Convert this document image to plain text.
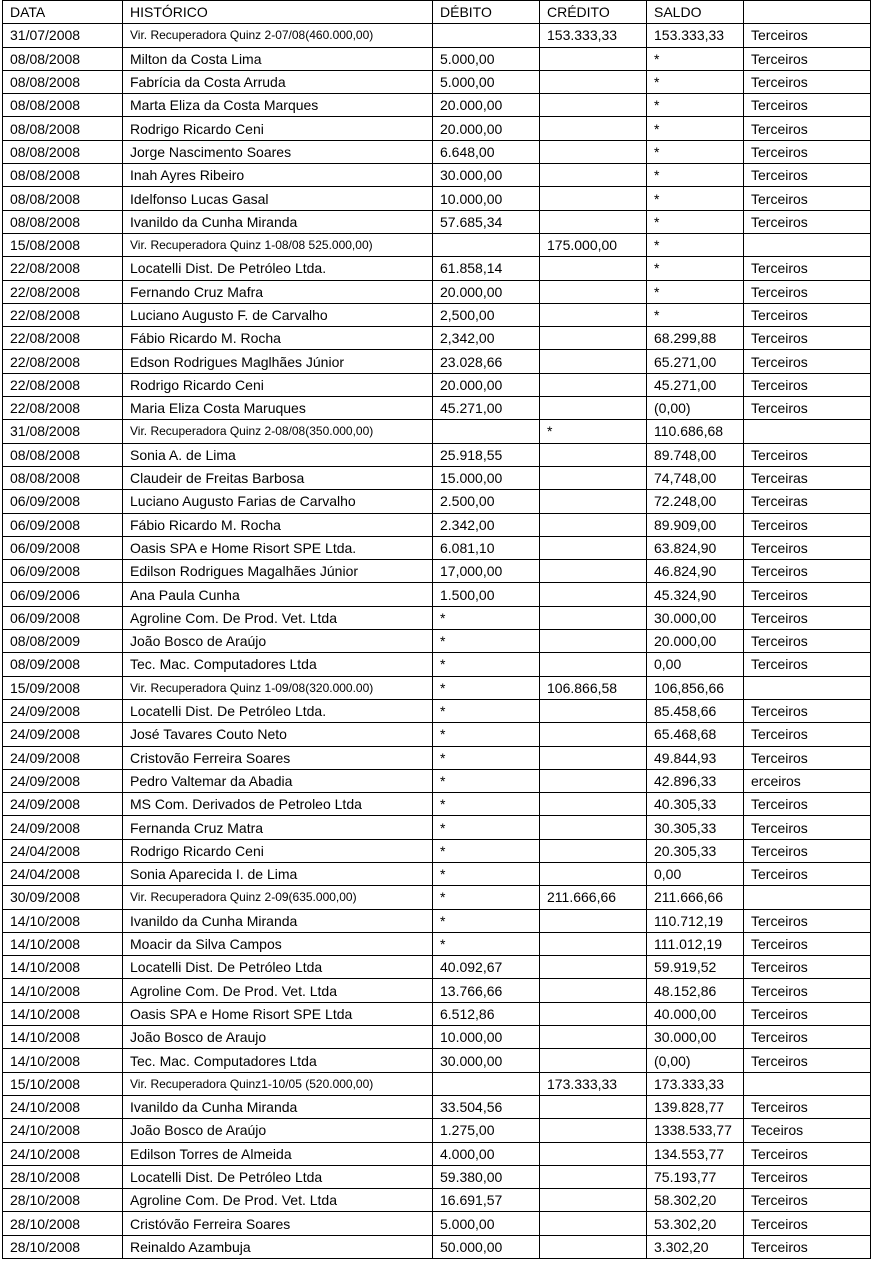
DATA	HISTÓRICO	DÉBITO	CRÉDITO	SALDO	
31/07/2008	Vir. Recuperadora Quinz 2-07/08(460.000,00)		153.333,33	153.333,33	Terceiros
08/08/2008	Milton da Costa Lima	5.000,00		*	Terceiros
08/08/2008	Fabrícia da Costa Arruda	5.000,00		*	Terceiros
08/08/2008	Marta Eliza da Costa Marques	20.000,00		*	Terceiros
08/08/2008	Rodrigo Ricardo Ceni	20.000,00		*	Terceiros
08/08/2008	Jorge Nascimento Soares	6.648,00		*	Terceiros
08/08/2008	Inah Ayres Ribeiro	30.000,00		*	Terceiros
08/08/2008	Idelfonso Lucas Gasal	10.000,00		*	Terceiros
08/08/2008	Ivanildo da Cunha Miranda	57.685,34		*	Terceiros
15/08/2008	Vir. Recuperadora Quinz 1-08/08 525.000,00)		175.000,00	*	
22/08/2008	Locatelli Dist. De Petróleo Ltda.	61.858,14		*	Terceiros
22/08/2008	Fernando Cruz Mafra	20.000,00		*	Terceiros
22/08/2008	Luciano Augusto F. de Carvalho	2,500,00		*	Terceiros
22/08/2008	Fábio Ricardo M. Rocha	2,342,00		68.299,88	Terceiros
22/08/2008	Edson Rodrigues Maglhães Júnior	23.028,66		65.271,00	Terceiros
22/08/2008	Rodrigo Ricardo Ceni	20.000,00		45.271,00	Terceiros
22/08/2008	Maria Eliza Costa Maruques	45.271,00		(0,00)	Terceiros
31/08/2008	Vir. Recuperadora Quinz 2-08/08(350.000,00)		*	110.686,68	
08/08/2008	Sonia A. de Lima	25.918,55		89.748,00	Terceiros
08/08/2008	Claudeir de Freitas Barbosa	15.000,00		74,748,00	Terceiras
06/09/2008	Luciano Augusto Farias de Carvalho	2.500,00		72.248,00	Terceiras
06/09/2008	Fábio Ricardo M. Rocha	2.342,00		89.909,00	Terceiros
06/09/2008	Oasis SPA e Home Risort SPE Ltda.	6.081,10		63.824,90	Terceiros
06/09/2008	Edilson Rodrigues Magalhães Júnior	17,000,00		46.824,90	Terceiros
06/09/2006	Ana Paula Cunha	1.500,00		45.324,90	Terceiros
06/09/2008	Agroline Com. De Prod. Vet. Ltda	*		30.000,00	Terceiros
08/08/2009	João Bosco de Araújo	*		20.000,00	Terceiros
08/09/2008	Tec. Mac. Computadores Ltda	*		0,00	Terceiros
15/09/2008	Vir. Recuperadora Quinz 1-09/08(320.000.00)	*	106.866,58	106,856,66	
24/09/2008	Locatelli Dist. De Petróleo Ltda.	*		85.458,66	Terceiros
24/09/2008	José Tavares Couto Neto	*		65.468,68	Terceiros
24/09/2008	Cristovão Ferreira Soares	*		49.844,93	Terceiros
24/09/2008	Pedro Valtemar da Abadia	*		42.896,33	erceiros
24/09/2008	MS Com. Derivados de Petroleo Ltda	*		40.305,33	Terceiros
24/09/2008	Fernanda Cruz Matra	*		30.305,33	Terceiros
24/04/2008	Rodrigo Ricardo Ceni	*		20.305,33	Terceiros
24/04/2008	Sonia Aparecida I. de Lima	*		0,00	Terceiros
30/09/2008	Vir. Recuperadora Quinz 2-09(635.000,00)	*	211.666,66	211.666,66	
14/10/2008	Ivanildo da Cunha Miranda	*		110.712,19	Terceiros
14/10/2008	Moacir da Silva Campos	*		111.012,19	Terceiros
14/10/2008	Locatelli Dist. De Petróleo Ltda	40.092,67		59.919,52	Terceiros
14/10/2008	Agroline Com. De Prod. Vet. Ltda	13.766,66		48.152,86	Terceiros
14/10/2008	Oasis SPA e Home Risort SPE Ltda	6.512,86		40.000,00	Terceiros
14/10/2008	João Bosco de Araujo	10.000,00		30.000,00	Terceiros
14/10/2008	Tec. Mac. Computadores Ltda	30.000,00		(0,00)	Terceiros
15/10/2008	Vir. Recuperadora Quinz1-10/05 (520.000,00)		173.333,33	173.333,33	
24/10/2008	Ivanildo da Cunha Miranda	33.504,56		139.828,77	Terceiros
24/10/2008	João Bosco de Araújo	1.275,00		1338.533,77	Teceiros
24/10/2008	Edilson Torres de Almeida	4.000,00		134.553,77	Terceiros
28/10/2008	Locatelli Dist. De Petróleo Ltda	59.380,00		75.193,77	Terceiros
28/10/2008	Agroline Com. De Prod. Vet. Ltda	16.691,57		58.302,20	Terceiros
28/10/2008	Cristóvão Ferreira Soares	5.000,00		53.302,20	Terceiros
28/10/2008	Reinaldo Azambuja	50.000,00		3.302,20	Terceiros
